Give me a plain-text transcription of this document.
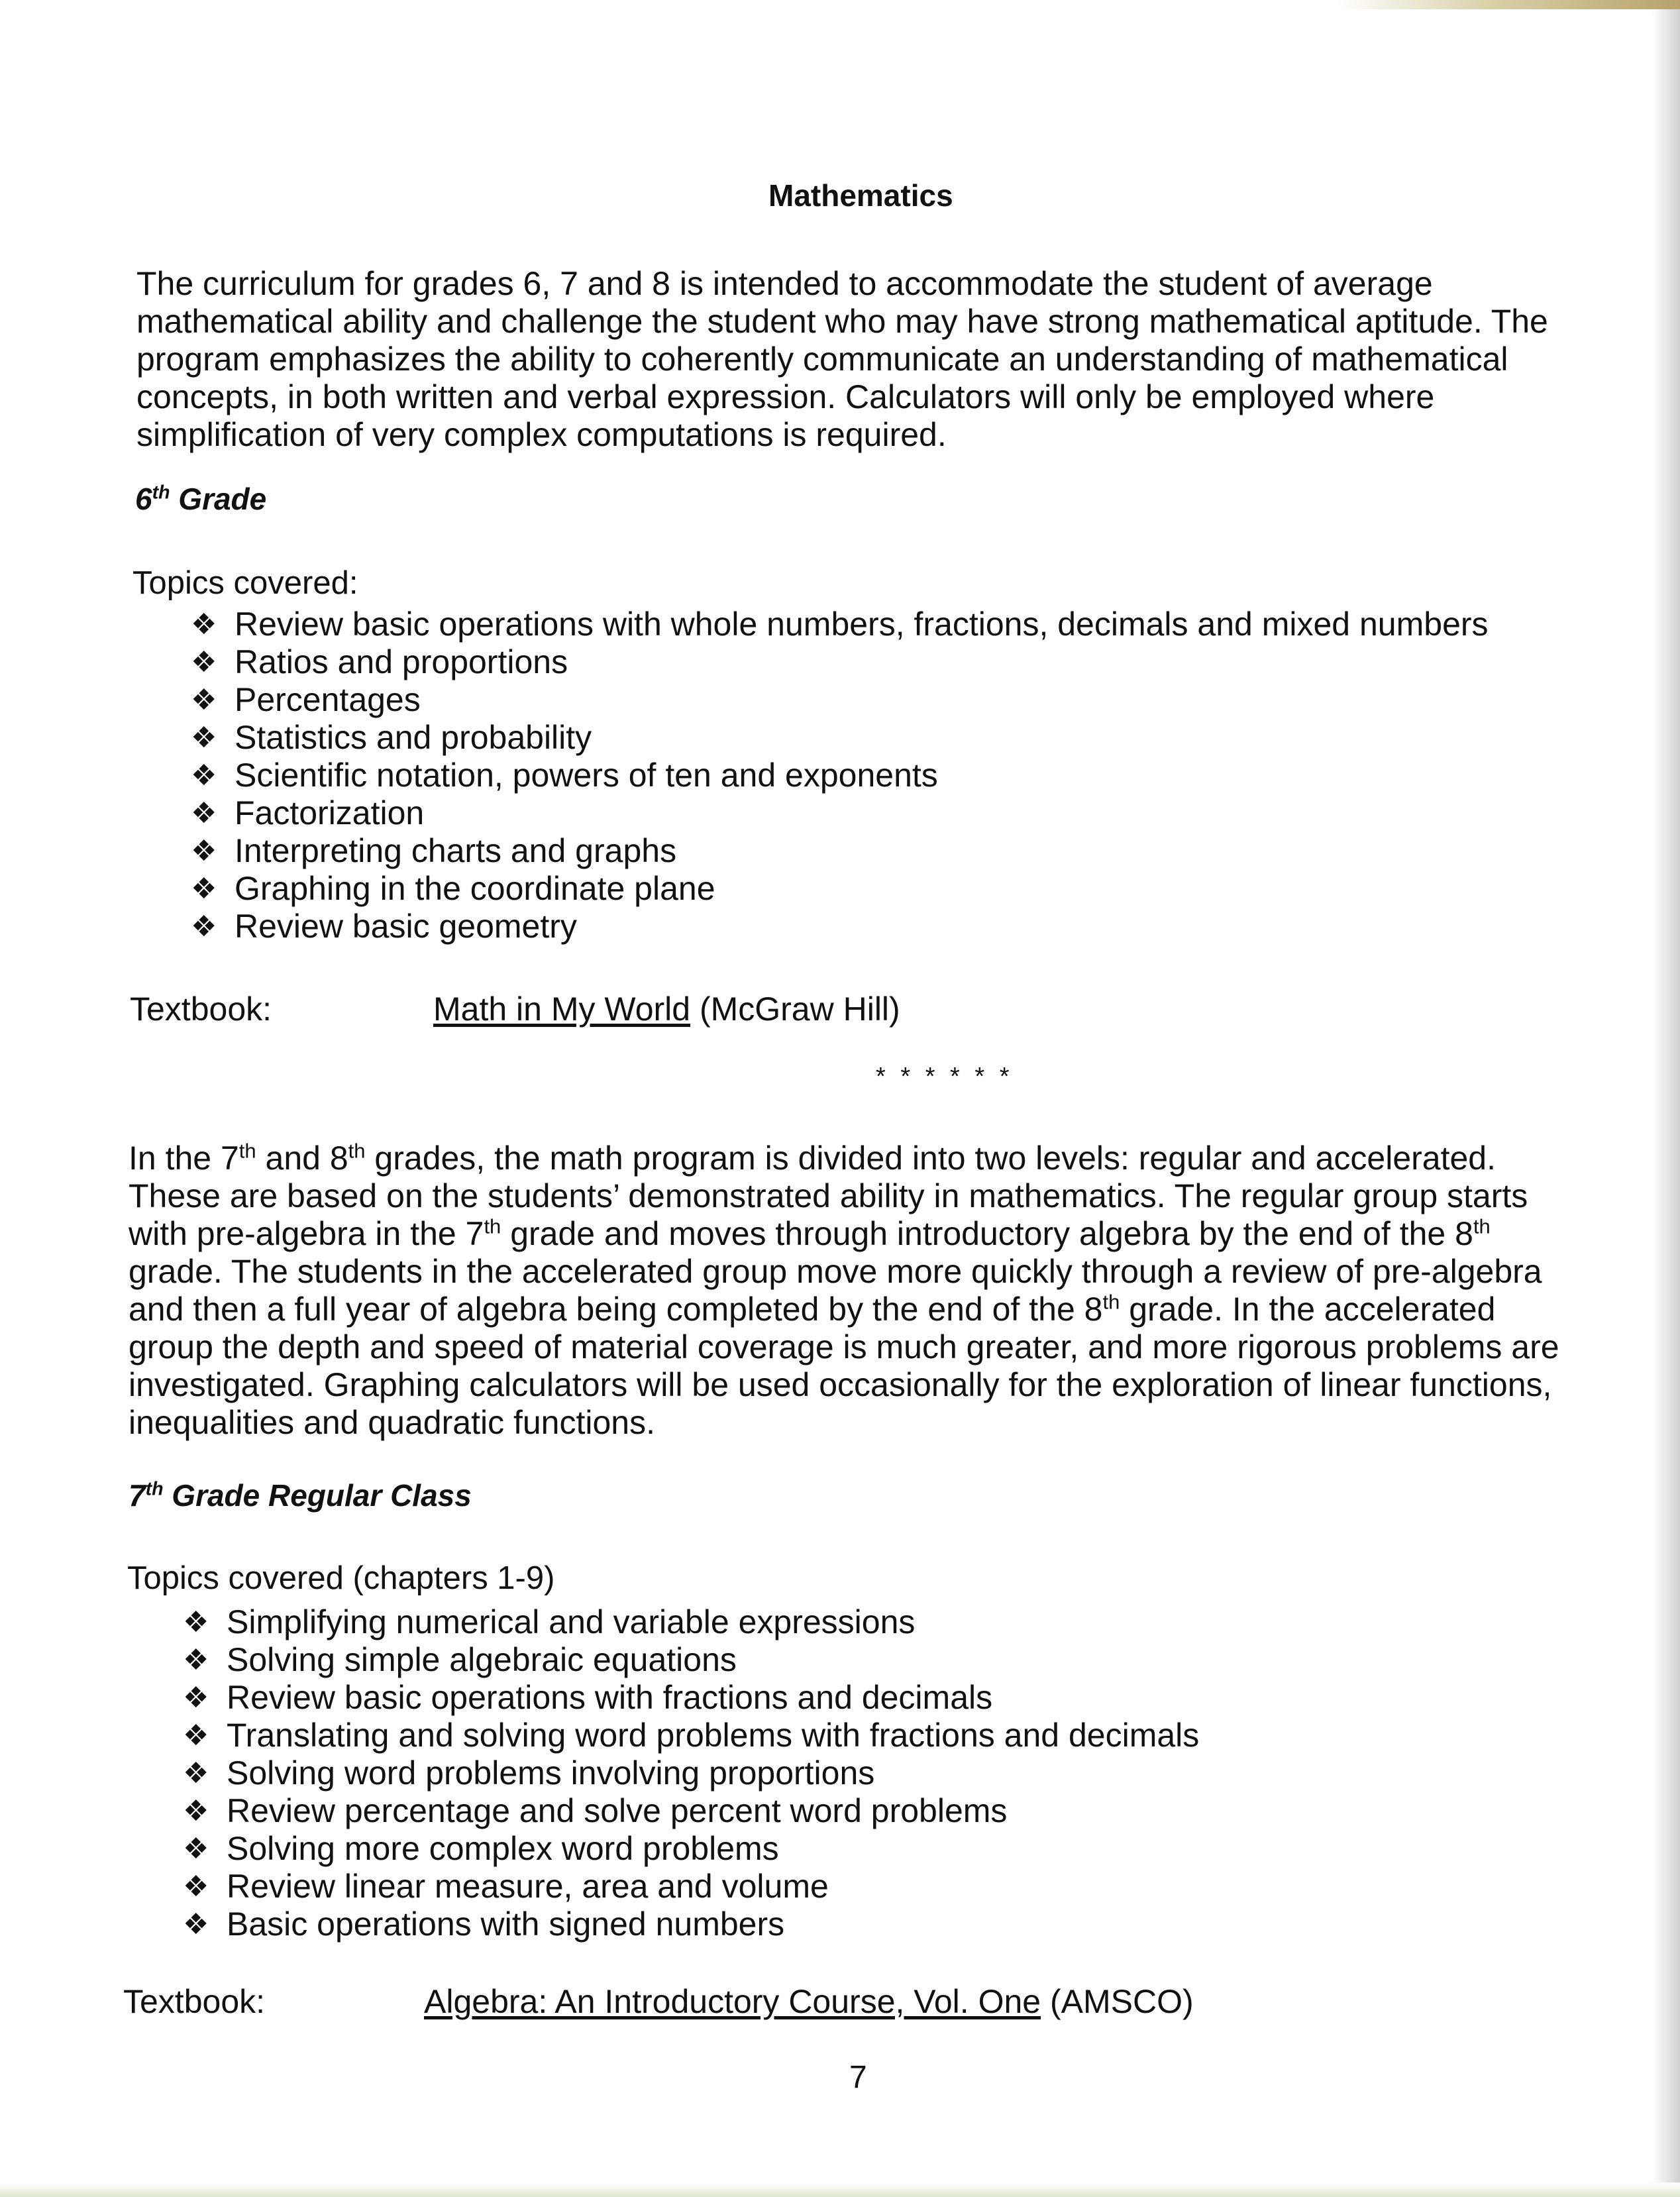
Mathematics
The curriculum for grades 6, 7 and 8 is intended to accommodate the student of average
mathematical ability and challenge the student who may have strong mathematical aptitude. The
program emphasizes the ability to coherently communicate an understanding of mathematical
concepts, in both written and verbal expression. Calculators will only be employed where
simplification of very complex computations is required.
6th Grade
Topics covered:
❖ Review basic operations with whole numbers, fractions, decimals and mixed numbers
❖ Ratios and proportions
❖ Percentages
❖ Statistics and probability
❖ Scientific notation, powers of ten and exponents
❖ Factorization
❖ Interpreting charts and graphs
❖ Graphing in the coordinate plane
❖ Review basic geometry
Textbook:	Math in My World (McGraw Hill)
* * * * * *
In the 7th and 8th grades, the math program is divided into two levels: regular and accelerated.
These are based on the students’ demonstrated ability in mathematics. The regular group starts
with pre-algebra in the 7th grade and moves through introductory algebra by the end of the 8th
grade. The students in the accelerated group move more quickly through a review of pre-algebra
and then a full year of algebra being completed by the end of the 8th grade. In the accelerated
group the depth and speed of material coverage is much greater, and more rigorous problems are
investigated. Graphing calculators will be used occasionally for the exploration of linear functions,
inequalities and quadratic functions.
7th Grade Regular Class
Topics covered (chapters 1-9)
❖ Simplifying numerical and variable expressions
❖ Solving simple algebraic equations
❖ Review basic operations with fractions and decimals
❖ Translating and solving word problems with fractions and decimals
❖ Solving word problems involving proportions
❖ Review percentage and solve percent word problems
❖ Solving more complex word problems
❖ Review linear measure, area and volume
❖ Basic operations with signed numbers
Textbook:	Algebra: An Introductory Course, Vol. One (AMSCO)
7
